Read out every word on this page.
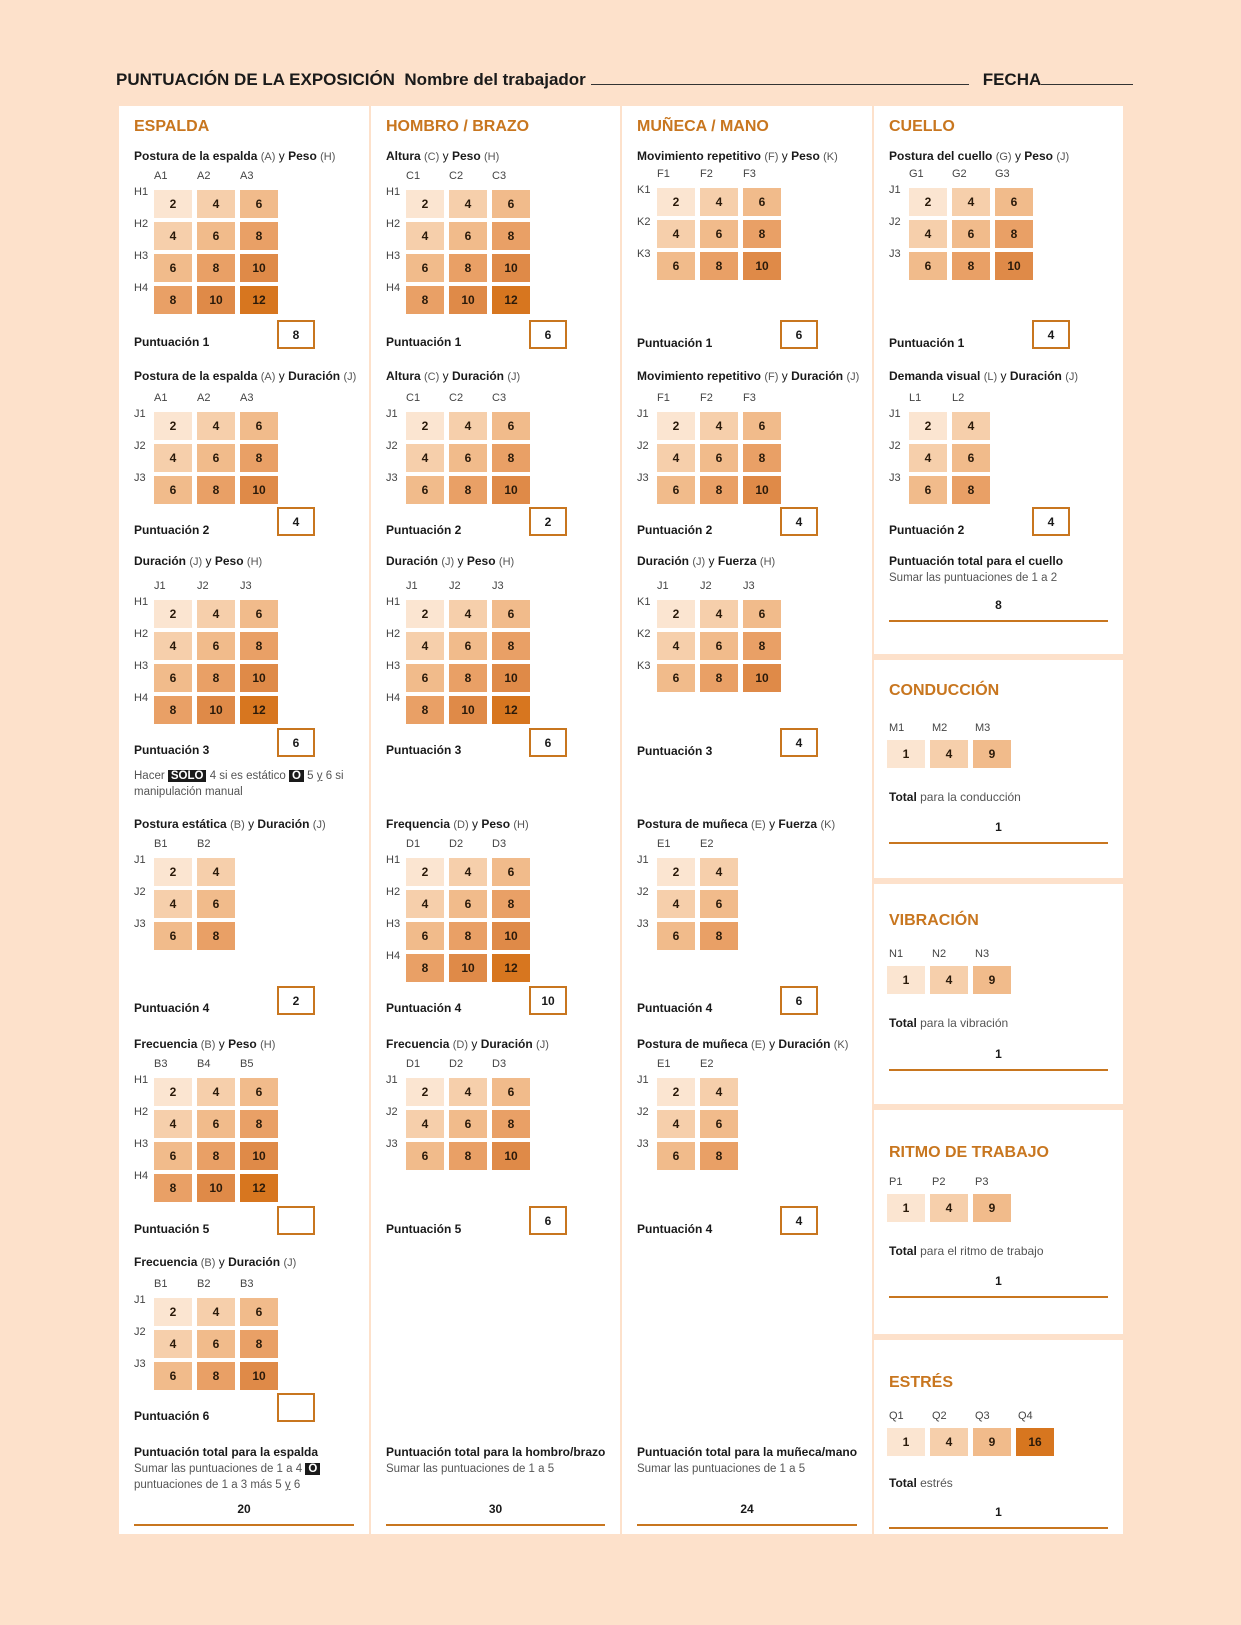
PUNTUACIÓN DE LA EXPOSICIÓN Nombre del trabajador	FECHA
ESPALDA
Postura de la espalda (A) y Peso (H)
A1	A2	A3
H1
2	4	6
H2
4	6	8
H3
6	8	10
H4
8	10	12
Puntuación 1
8
Postura de la espalda (A) y Duración (J)
A1	A2	A3
J1
2	4	6
J2
4	6	8
J3
6	8	10
Puntuación 2
4
Duración (J) y Peso (H)
J1	J2	J3
H1
2	4	6
H2
4	6	8
H3
6	8	10
H4
8	10	12
Puntuación 3
6
Hacer SOLO 4 si es estático O 5 y 6 si
manipulación manual
Postura estática (B) y Duración (J)
B1	B2
J1
2	4
J2
4	6
J3
6	8
Puntuación 4
2
Frecuencia (B) y Peso (H)
B3	B4	B5
H1
2	4	6
H2
4	6	8
H3
6	8	10
H4
8	10	12
Puntuación 5
Frecuencia (B) y Duración (J)
B1	B2	B3
J1
2	4	6
J2
4	6	8
J3
6	8	10
Puntuación 6
Puntuación total para la espalda
Sumar las puntuaciones de 1 a 4 O
puntuaciones de 1 a 3 más 5 y 6
20
HOMBRO / BRAZO
Altura (C) y Peso (H)
C1	C2	C3
H1
2	4	6
H2
4	6	8
H3
6	8	10
H4
8	10	12
Puntuación 1
6
Altura (C) y Duración (J)
C1	C2	C3
J1
2	4	6
J2
4	6	8
J3
6	8	10
Puntuación 2
2
Duración (J) y Peso (H)
J1	J2	J3
H1
2	4	6
H2
4	6	8
H3
6	8	10
H4
8	10	12
Puntuación 3
6
Frequencia (D) y Peso (H)
D1	D2	D3
H1
2	4	6
H2
4	6	8
H3
6	8	10
H4
8	10	12
Puntuación 4
10
Frecuencia (D) y Duración (J)
D1	D2	D3
J1
2	4	6
J2
4	6	8
J3
6	8	10
Puntuación 5
6
Puntuación total para la hombro/brazo
Sumar las puntuaciones de 1 a 5
30
MUÑECA / MANO
Movimiento repetitivo (F) y Peso (K)
F1	F2	F3
K1
2	4	6
K2
4	6	8
K3
6	8	10
Puntuación 1
6
Movimiento repetitivo (F) y Duración (J)
F1	F2	F3
J1
2	4	6
J2
4	6	8
J3
6	8	10
Puntuación 2
4
Duración (J) y Fuerza (H)
J1	J2	J3
K1
2	4	6
K2
4	6	8
K3
6	8	10
Puntuación 3
4
Postura de muñeca (E) y Fuerza (K)
E1	E2
J1
2	4
J2
4	6
J3
6	8
Puntuación 4
6
Postura de muñeca (E) y Duración (K)
E1	E2
J1
2	4
J2
4	6
J3
6	8
Puntuación 4
4
Puntuación total para la muñeca/mano
Sumar las puntuaciones de 1 a 5
24
CUELLO
Postura del cuello (G) y Peso (J)
G1	G2	G3
J1
2	4	6
J2
4	6	8
J3
6	8	10
Puntuación 1
4
Demanda visual (L) y Duración (J)
L1	L2
J1
2	4
J2
4	6
J3
6	8
Puntuación 2
4
Puntuación total para el cuello
Sumar las puntuaciones de 1 a 2
8
CONDUCCIÓN
M1	M2	M3
1	4	9
Total para la conducción
1
VIBRACIÓN
N1	N2	N3
1	4	9
Total para la vibración
1
RITMO DE TRABAJO
P1	P2	P3
1	4	9
Total para el ritmo de trabajo
1
ESTRÉS
Q1	Q2	Q3	Q4
1	4	9	16
Total estrés
1
